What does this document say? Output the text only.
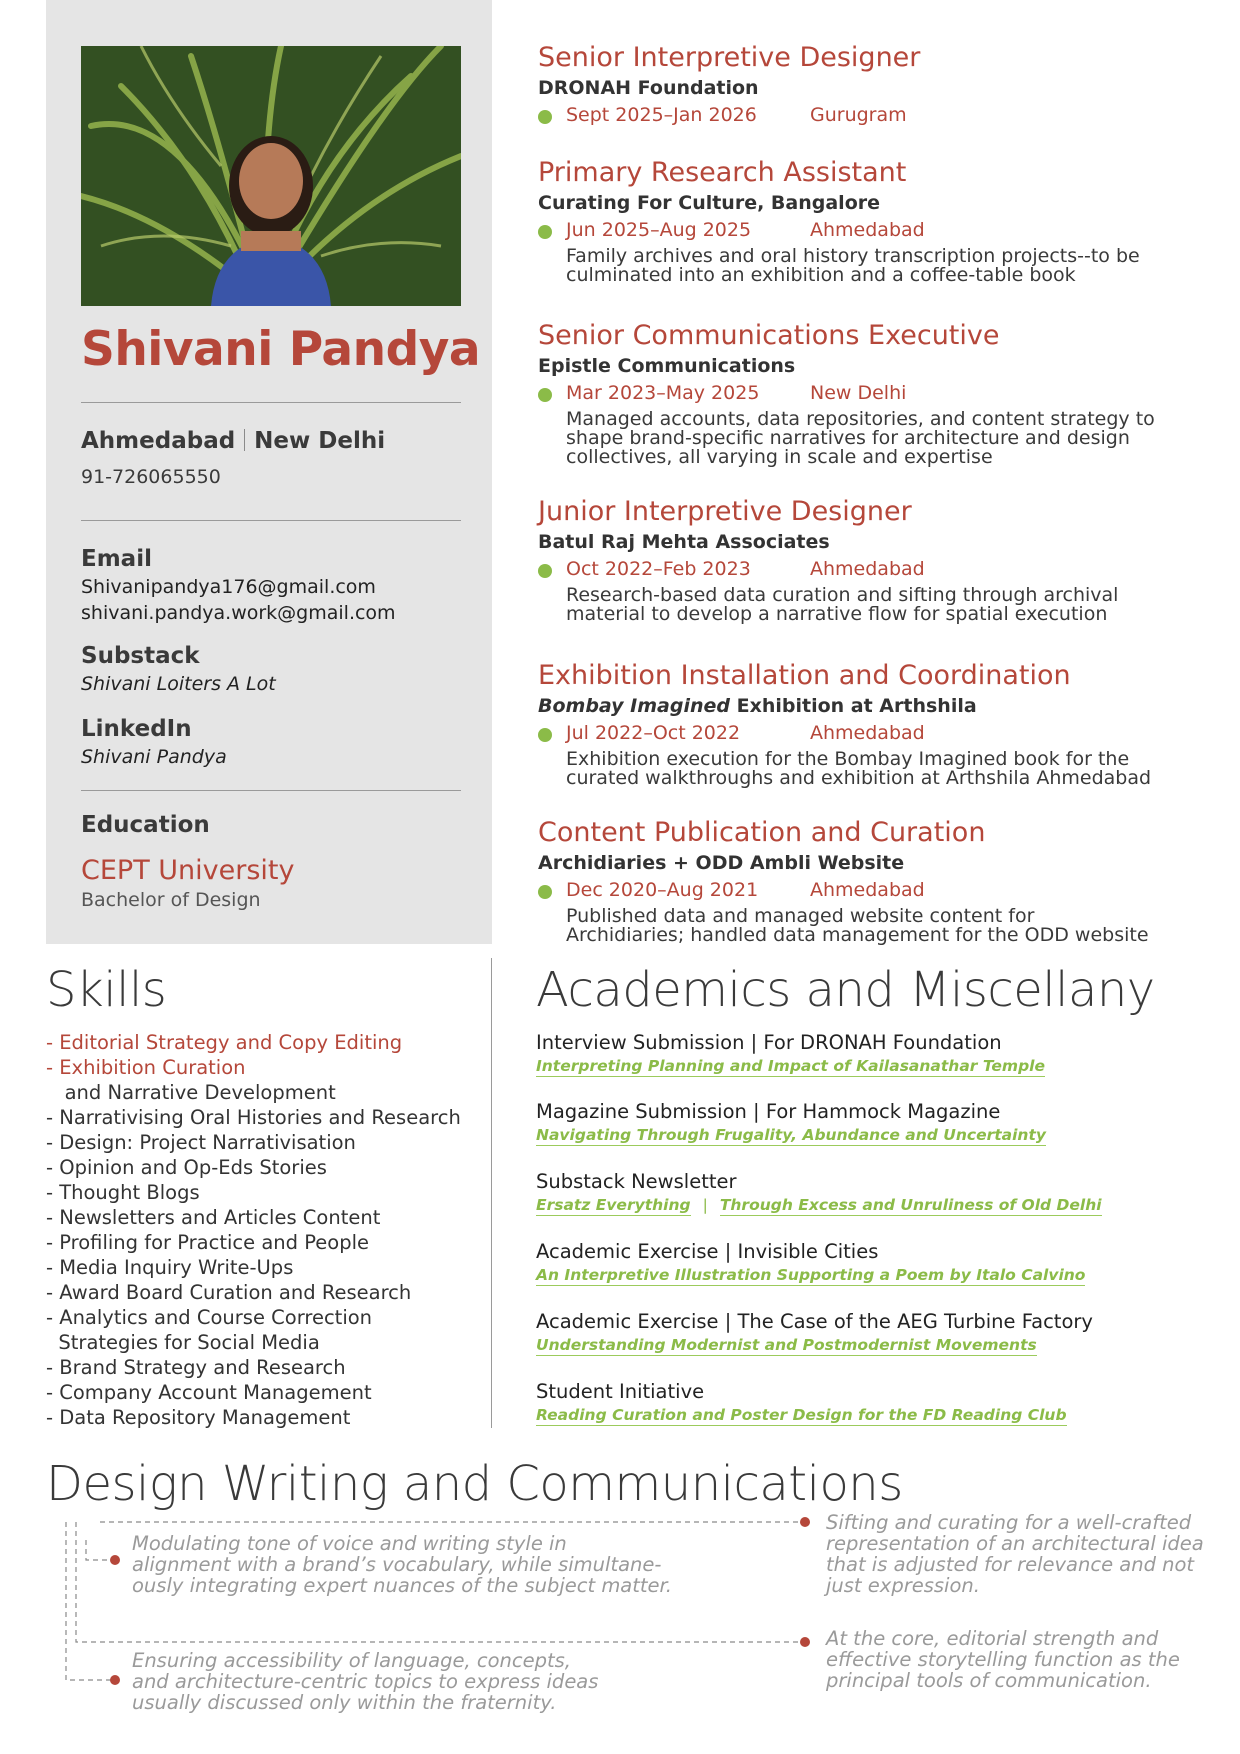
Shivani Pandya
Ahmedabad New Delhi
91-726065550
Email
Shivanipandya176@gmail.com
shivani.pandya.work@gmail.com
Substack
Shivani Loiters A Lot
LinkedIn
Shivani Pandya
Education
CEPT University
Bachelor of Design
Senior Interpretive Designer
DRONAH Foundation
Sept 2025–Jan 2026	Gurugram
Primary Research Assistant
Curating For Culture, Bangalore
Jun 2025–Aug 2025	Ahmedabad
Family archives and oral history transcription projects--to be
culminated into an exhibition and a coffee-table book
Senior Communications Executive
Epistle Communications
Mar 2023–May 2025	New Delhi
Managed accounts, data repositories, and content strategy to
shape brand-specific narratives for architecture and design
collectives, all varying in scale and expertise
Junior Interpretive Designer
Batul Raj Mehta Associates
Oct 2022–Feb 2023	Ahmedabad
Research-based data curation and sifting through archival
material to develop a narrative flow for spatial execution
Exhibition Installation and Coordination
Bombay Imagined Exhibition at Arthshila
Jul 2022–Oct 2022	Ahmedabad
Exhibition execution for the Bombay Imagined book for the
curated walkthroughs and exhibition at Arthshila Ahmedabad
Content Publication and Curation
Archidiaries + ODD Ambli Website
Dec 2020–Aug 2021	Ahmedabad
Published data and managed website content for
Archidiaries; handled data management for the ODD website
Skills
- Editorial Strategy and Copy Editing
- Exhibition Curation
and Narrative Development
- Narrativising Oral Histories and Research
- Design: Project Narrativisation
- Opinion and Op-Eds Stories
- Thought Blogs
- Newsletters and Articles Content
- Profiling for Practice and People
- Media Inquiry Write-Ups
- Award Board Curation and Research
- Analytics and Course Correction
Strategies for Social Media
- Brand Strategy and Research
- Company Account Management
- Data Repository Management
Academics and Miscellany
Interview Submission | For DRONAH Foundation
Interpreting Planning and Impact of Kailasanathar Temple
Magazine Submission | For Hammock Magazine
Navigating Through Frugality, Abundance and Uncertainty
Substack Newsletter
Ersatz Everything | Through Excess and Unruliness of Old Delhi
Academic Exercise | Invisible Cities
An Interpretive Illustration Supporting a Poem by Italo Calvino
Academic Exercise | The Case of the AEG Turbine Factory
Understanding Modernist and Postmodernist Movements
Student Initiative
Reading Curation and Poster Design for the FD Reading Club
Design Writing and Communications
Modulating tone of voice and writing style in
alignment with a brand’s vocabulary, while simultane-
ously integrating expert nuances of the subject matter.
Ensuring accessibility of language, concepts,
and architecture-centric topics to express ideas
usually discussed only within the fraternity.
Sifting and curating for a well-crafted
representation of an architectural idea
that is adjusted for relevance and not
just expression.
At the core, editorial strength and
effective storytelling function as the
principal tools of communication.
